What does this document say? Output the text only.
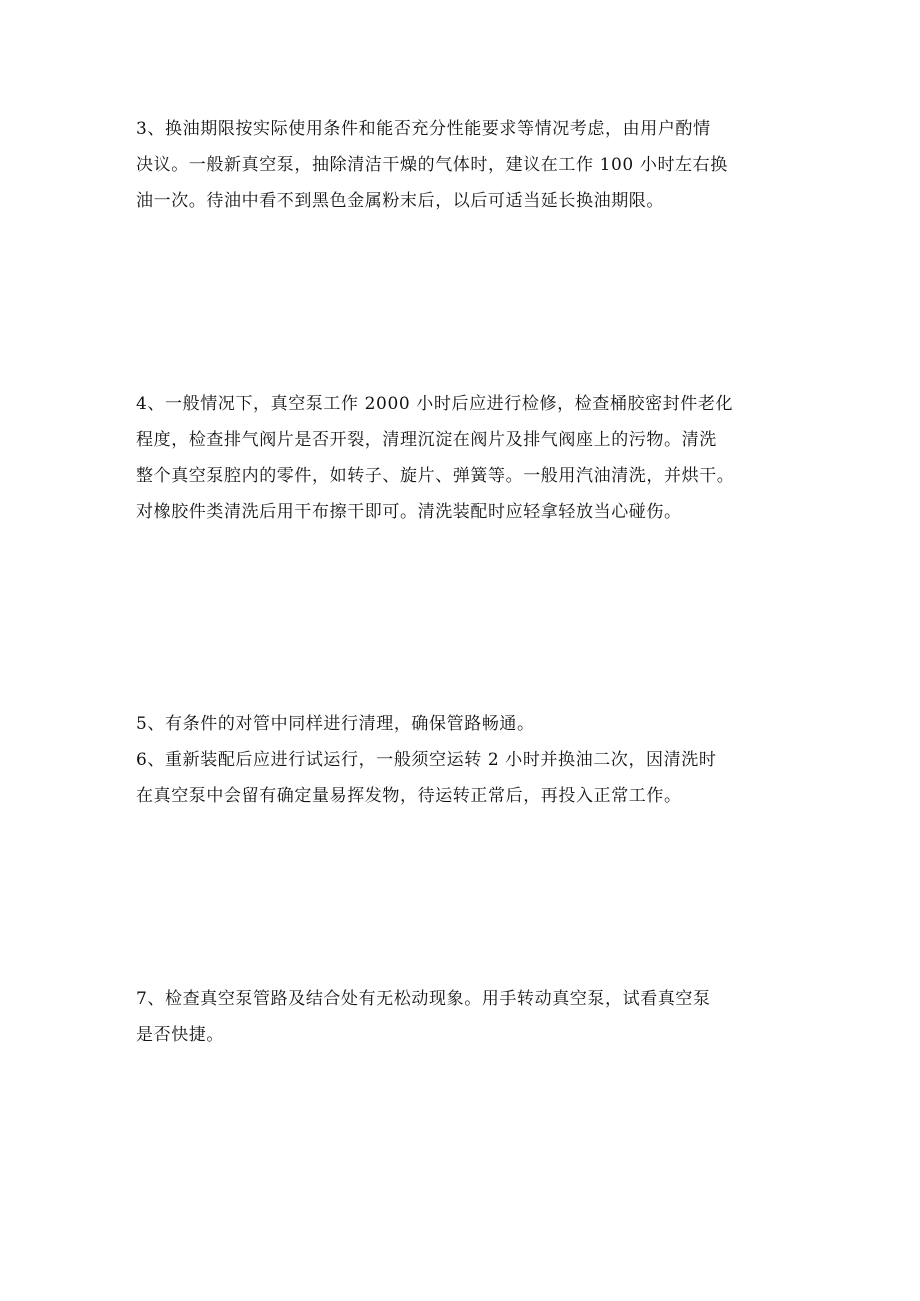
3、换油期限按实际使用条件和能否充分性能要求等情况考虑，由用户酌情
决议。一般新真空泵，抽除清洁干燥的气体时，建议在工作 100 小时左右换
油一次。待油中看不到黑色金属粉末后，以后可适当延长换油期限。

4、一般情况下，真空泵工作 2000 小时后应进行检修，检查桶胶密封件老化
程度，检查排气阀片是否开裂，清理沉淀在阀片及排气阀座上的污物。清洗
整个真空泵腔内的零件，如转子、旋片、弹簧等。一般用汽油清洗，并烘干。
对橡胶件类清洗后用干布擦干即可。清洗装配时应轻拿轻放当心碰伤。

5、有条件的对管中同样进行清理，确保管路畅通。
6、重新装配后应进行试运行，一般须空运转 2 小时并换油二次，因清洗时
在真空泵中会留有确定量易挥发物，待运转正常后，再投入正常工作。

7、检查真空泵管路及结合处有无松动现象。用手转动真空泵，试看真空泵
是否快捷。
